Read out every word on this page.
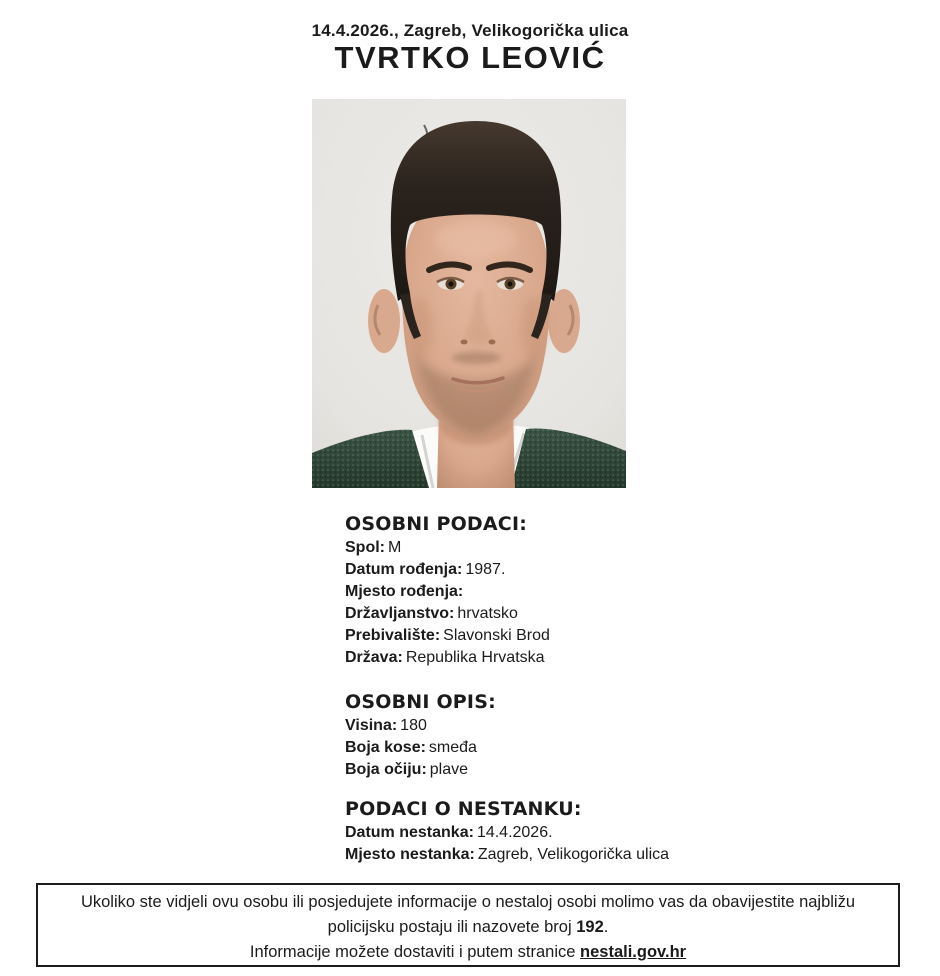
14.4.2026., Zagreb, Velikogorička ulica
TVRTKO LEOVIĆ
OSOBNI PODACI:
Spol: M
Datum rođenja: 1987.
Mjesto rođenja:
Državljanstvo: hrvatsko
Prebivalište: Slavonski Brod
Država: Republika Hrvatska
OSOBNI OPIS:
Visina: 180
Boja kose: smeđa
Boja očiju: plave
PODACI O NESTANKU:
Datum nestanka: 14.4.2026.
Mjesto nestanka: Zagreb, Velikogorička ulica
Ukoliko ste vidjeli ovu osobu ili posjedujete informacije o nestaloj osobi molimo vas da obavijestite najbližu
policijsku postaju ili nazovete broj 192.
Informacije možete dostaviti i putem stranice nestali.gov.hr
